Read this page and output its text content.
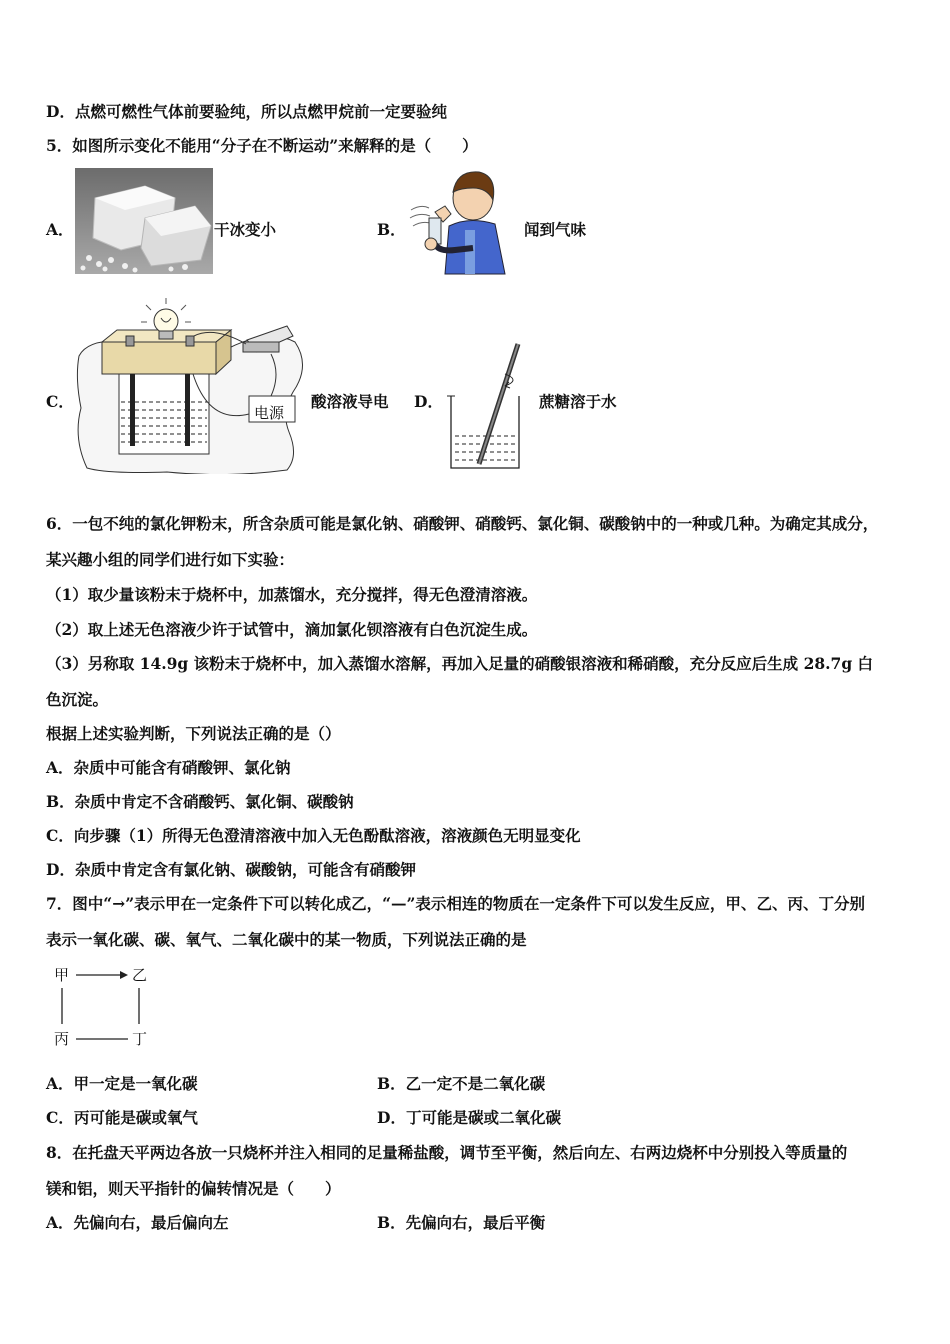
D．点燃可燃性气体前要验纯，所以点燃甲烷前一定要验纯
5．如图所示变化不能用“分子在不断运动”来解释的是（　　）
A．	干冰变小	B．	闻到气味
C．
电源
酸溶液导电 D．	蔗糖溶于水
6．一包不纯的氯化钾粉末，所含杂质可能是氯化钠、硝酸钾、硝酸钙、氯化铜、碳酸钠中的一种或几种。为确定其成分，
某兴趣小组的同学们进行如下实验：
（1）取少量该粉末于烧杯中，加蒸馏水，充分搅拌，得无色澄清溶液。
（2）取上述无色溶液少许于试管中，滴加氯化钡溶液有白色沉淀生成。
（3）另称取 14.9g 该粉末于烧杯中，加入蒸馏水溶解，再加入足量的硝酸银溶液和稀硝酸，充分反应后生成 28.7g 白
色沉淀。
根据上述实验判断，下列说法正确的是（）
A．杂质中可能含有硝酸钾、氯化钠
B．杂质中肯定不含硝酸钙、氯化铜、碳酸钠
C．向步骤（1）所得无色澄清溶液中加入无色酚酞溶液，溶液颜色无明显变化
D．杂质中肯定含有氯化钠、碳酸钠，可能含有硝酸钾
7．图中“→”表示甲在一定条件下可以转化成乙，“—”表示相连的物质在一定条件下可以发生反应，甲、乙、丙、丁分别
表示一氧化碳、碳、氧气、二氧化碳中的某一物质，下列说法正确的是
甲	乙
丙	丁
A．甲一定是一氧化碳	B．乙一定不是二氧化碳
C．丙可能是碳或氧气	D．丁可能是碳或二氧化碳
8．在托盘天平两边各放一只烧杯并注入相同的足量稀盐酸，调节至平衡，然后向左、右两边烧杯中分别投入等质量的
镁和铝，则天平指针的偏转情况是（　　）
A．先偏向右，最后偏向左	B．先偏向右，最后平衡
